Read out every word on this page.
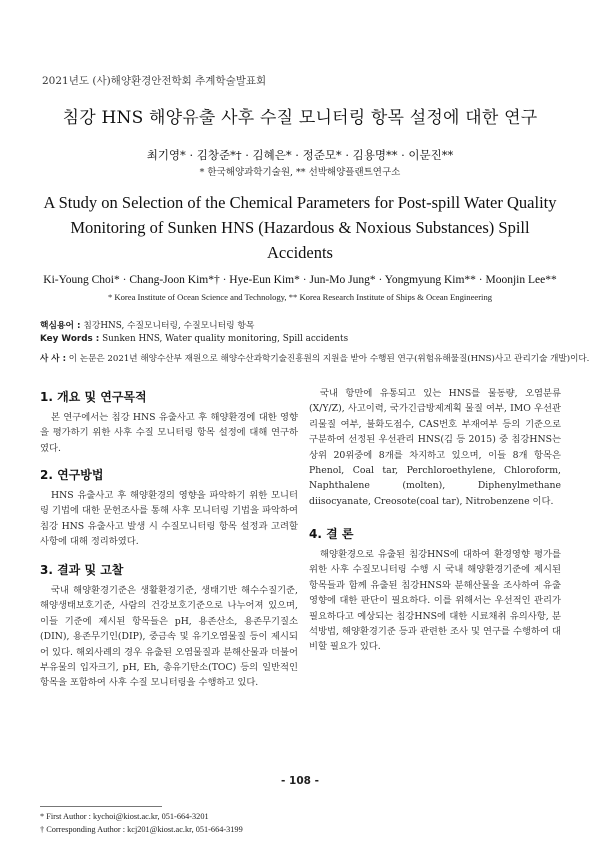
2021년도 (사)해양환경안전학회 추계학술발표회
침강 HNS 해양유출 사후 수질 모니터링 항목 설정에 대한 연구
최기영* · 김창준*† · 김혜은* · 정준모* · 김용명** · 이문진**
* 한국해양과학기술원, ** 선박해양플랜트연구소
A Study on Selection of the Chemical Parameters for Post-spill Water Quality Monitoring of Sunken HNS (Hazardous & Noxious Substances) Spill Accidents
Ki-Young Choi* · Chang-Joon Kim*† · Hye-Eun Kim* · Jun-Mo Jung* · Yongmyung Kim** · Moonjin Lee**
* Korea Institute of Ocean Science and Technology, ** Korea Research Institute of Ships & Ocean Engineering
핵심용어 : 침강HNS, 수질모니터링, 수질모니터링 항목
Key Words : Sunken HNS, Water quality monitoring, Spill accidents
사 사 : 이 논문은 2021년 해양수산부 재원으로 해양수산과학기술진흥원의 지원을 받아 수행된 연구(위험유해물질(HNS)사고 관리기술 개발)이다.
1. 개요 및 연구목적

본 연구에서는 침강 HNS 유출사고 후 해양환경에 대한 영향을 평가하기 위한 사후 수질 모니터링 항목 설정에 대해 연구하였다.

2. 연구방법

HNS 유출사고 후 해양환경의 영향을 파악하기 위한 모니터링 기법에 대한 문헌조사를 통해 사후 모니터링 기법을 파악하여 침강 HNS 유출사고 발생 시 수질모니터링 항목 설정과 고려할 사항에 대해 정리하였다.

3. 결과 및 고찰

국내 해양환경기준은 생활환경기준, 생태기반 해수수질기준, 해양생태보호기준, 사람의 건강보호기준으로 나누어져 있으며, 이들 기준에 제시된 항목들은 pH, 용존산소, 용존무기질소(DIN), 용존무기인(DIP), 중금속 및 유기오염물질 등이 제시되어 있다. 해외사례의 경우 유출된 오염물질과 분해산물과 더불어 부유물의 입자크기, pH, Eh, 총유기탄소(TOC) 등의 일반적인 항목을 포함하여 사후 수질 모니터링을 수행하고 있다.

국내 항만에 유통되고 있는 HNS를 물동량, 오염분류(X/Y/Z), 사고이력, 국가긴급방제계획 물질 여부, IMO 우선관리물질 여부, 불화도점수, CAS번호 부재여부 등의 기준으로 구분하여 선정된 우선관리 HNS(김 등 2015) 중 침강HNS는 상위 20위중에 8개를 차지하고 있으며, 이들 8개 항목은 Phenol, Coal tar, Perchloroethylene, Chloroform, Naphthalene (molten), Diphenylmethane diisocyanate, Creosote(coal tar), Nitrobenzene 이다.

4. 결 론

해양환경으로 유출된 침강HNS에 대하여 환경영향 평가를 위한 사후 수질모니터링 수행 시 국내 해양환경기준에 제시된 항목들과 함께 유출된 침강HNS와 분해산물을 조사하여 유출영향에 대한 판단이 필요하다. 이를 위해서는 우선적인 관리가 필요하다고 예상되는 침강HNS에 대한 시료채취 유의사항, 분석방법, 해양환경기준 등과 관련한 조사 및 연구를 수행하여 대비할 필요가 있다.

- 108 -
* First Author : kychoi@kiost.ac.kr, 051-664-3201
† Corresponding Author : kcj201@kiost.ac.kr, 051-664-3199
